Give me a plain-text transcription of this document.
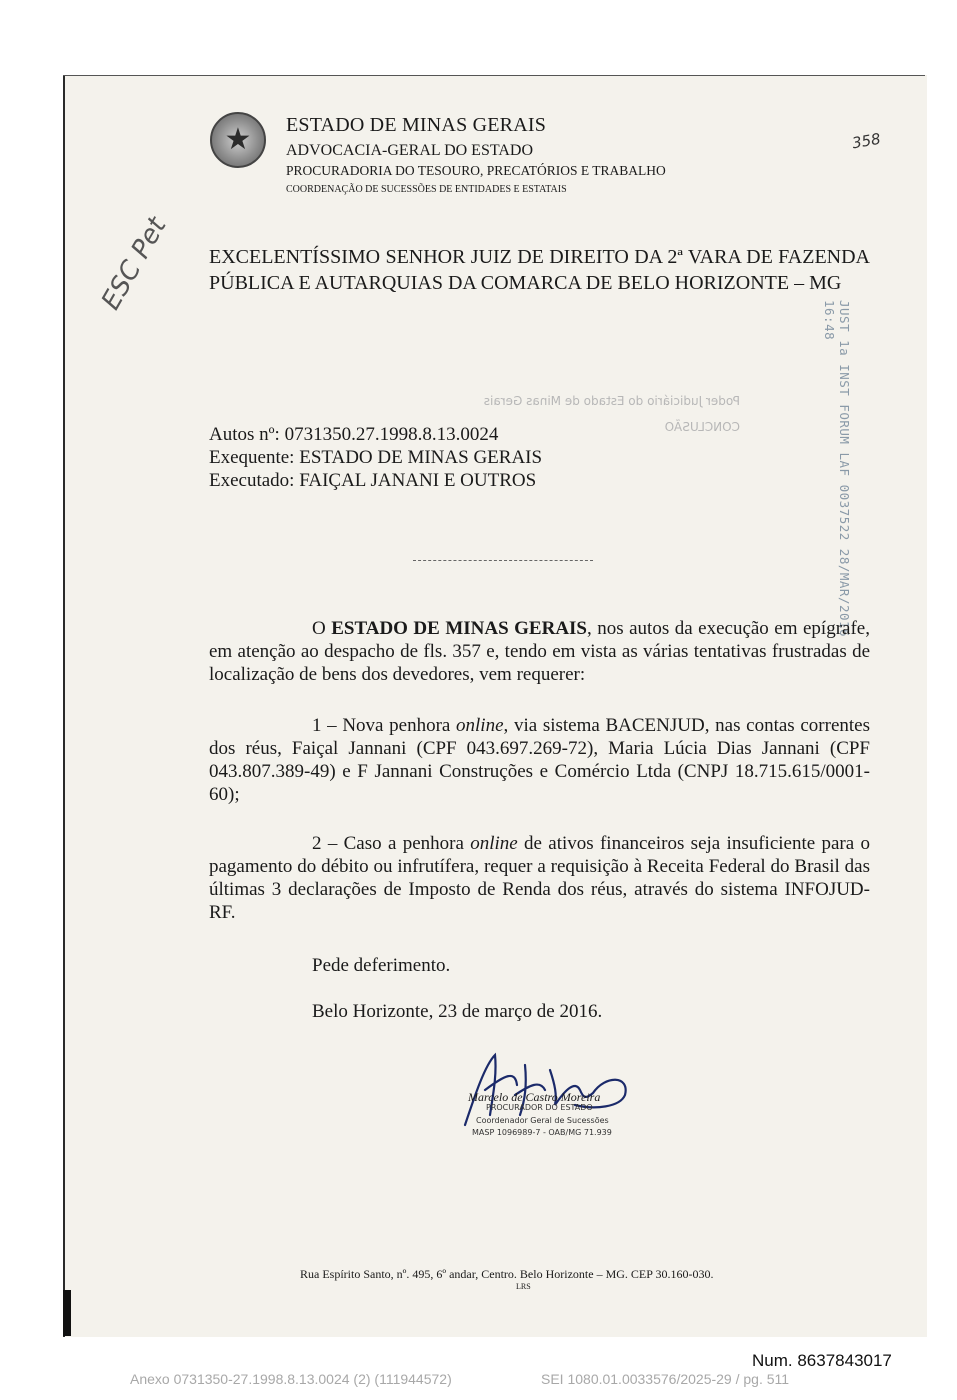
★
ESTADO DE MINAS GERAIS
ADVOCACIA-GERAL DO ESTADO
PROCURADORIA DO TESOURO, PRECATÓRIOS E TRABALHO
COORDENAÇÃO DE SUCESSÕES DE ENTIDADES E ESTATAIS
358
ESC Pet
JUST 1a INST FORUM LAF 0037522 28/MAR/2016 16:48
EXCELENTÍSSIMO SENHOR JUIZ DE DIREITO DA 2ª VARA DE FAZENDA PÚBLICA E AUTARQUIAS DA COMARCA DE BELO HORIZONTE – MG
Poder Judiciário do Estado de Minas Gerais
CONCLUSÃO
Autos nº: 0731350.27.1998.8.13.0024
Exequente: ESTADO DE MINAS GERAIS
Executado: FAIÇAL JANANI E OUTROS
O ESTADO DE MINAS GERAIS, nos autos da execução em epígrafe, em atenção ao despacho de fls. 357 e, tendo em vista as várias tentativas frustradas de localização de bens dos devedores, vem requerer:
1 – Nova penhora online, via sistema BACENJUD, nas contas correntes dos réus, Faiçal Jannani (CPF 043.697.269-72), Maria Lúcia Dias Jannani (CPF 043.807.389-49) e F Jannani Construções e Comércio Ltda (CNPJ 18.715.615/0001-60);
2 – Caso a penhora online de ativos financeiros seja insuficiente para o pagamento do débito ou infrutífera, requer a requisição à Receita Federal do Brasil das últimas 3 declarações de Imposto de Renda dos réus, através do sistema INFOJUD-RF.
Pede deferimento.
Belo Horizonte, 23 de março de 2016.
Marcelo de Castro Moreira
PROCURADOR DO ESTADO
Coordenador Geral de Sucessões
MASP 1096989-7 - OAB/MG 71.939
Rua Espírito Santo, nº. 495, 6º andar, Centro. Belo Horizonte – MG. CEP 30.160-030.
LRS
Num. 8637843017
Anexo 0731350-27.1998.8.13.0024 (2) (111944572)	SEI 1080.01.0033576/2025-29 / pg. 511
